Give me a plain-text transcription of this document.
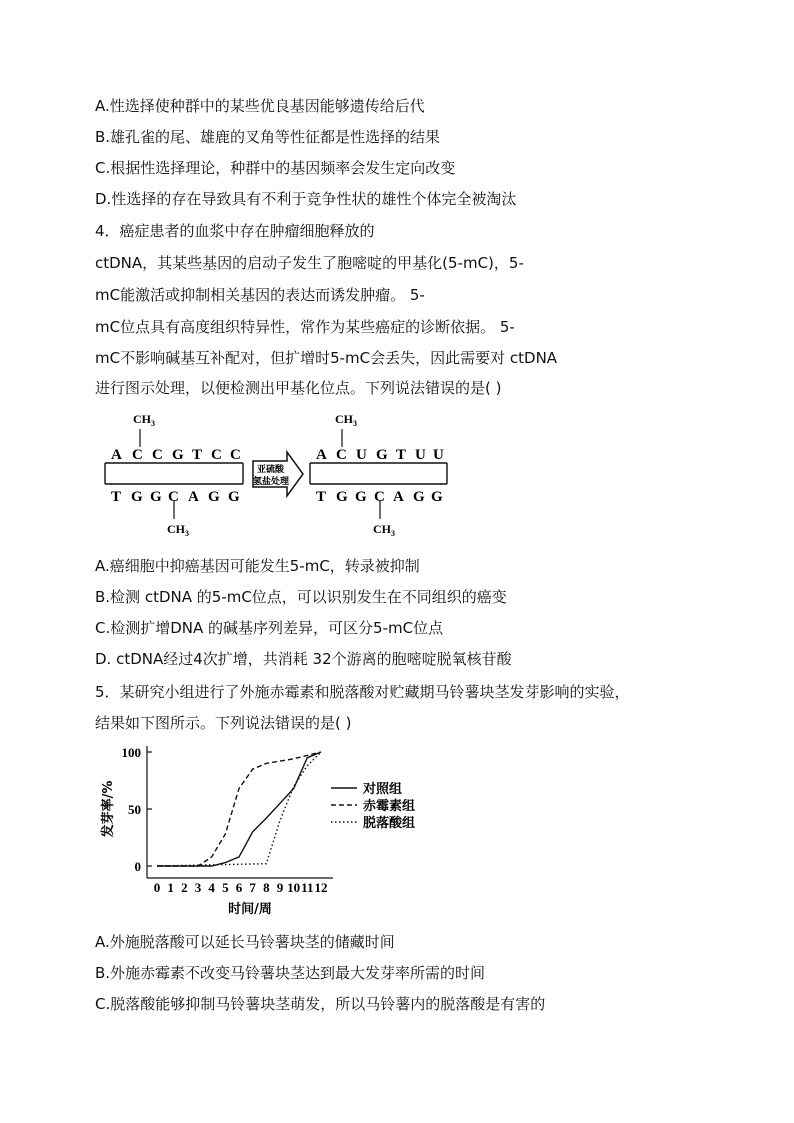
A.性选择使种群中的某些优良基因能够遗传给后代
B.雄孔雀的尾、雄鹿的叉角等性征都是性选择的结果
C.根据性选择理论，种群中的基因频率会发生定向改变
D.性选择的存在导致具有不利于竞争性状的雄性个体完全被淘汰
4．癌症患者的血浆中存在肿瘤细胞释放的
ctDNA，其某些基因的启动子发生了胞嘧啶的甲基化(5-mC)，5-
mC能激活或抑制相关基因的表达而诱发肿瘤。 5-
mC位点具有高度组织特异性，常作为某些癌症的诊断依据。 5-
mC不影响碱基互补配对，但扩增时5-mC会丢失，因此需要对 ctDNA
进行图示处理，以便检测出甲基化位点。下列说法错误的是( )
$CH_3$
$CH_3$
A C C G T C C
T G G C A G G
亚硫酸
氢盐处理
$CH_3$
$CH_3$
A C U G T U U
T G G C A G G
A.癌细胞中抑癌基因可能发生5-mC，转录被抑制
B.检测 ctDNA 的5-mC位点，可以识别发生在不同组织的癌变
C.检测扩增DNA 的碱基序列差异，可区分5-mC位点
D. ctDNA经过4次扩增，共消耗 32个游离的胞嘧啶脱氧核苷酸
5．某研究小组进行了外施赤霉素和脱落酸对贮藏期马铃薯块茎发芽影响的实验，
结果如下图所示。下列说法错误的是( )
0
50
100
0 1 2 3 4 5 6 7 8 9 10 11 12
时间/周
发芽率/%	对照组
赤霉素组
脱落酸组
A.外施脱落酸可以延长马铃薯块茎的储藏时间
B.外施赤霉素不改变马铃薯块茎达到最大发芽率所需的时间
C.脱落酸能够抑制马铃薯块茎萌发，所以马铃薯内的脱落酸是有害的
